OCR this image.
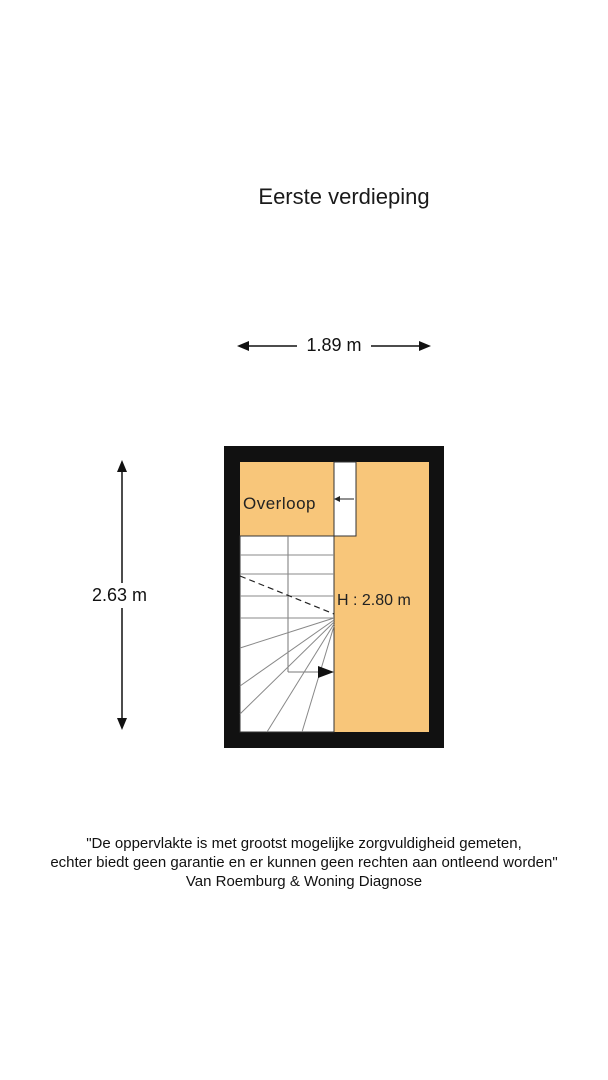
Eerste verdieping
1.89 m
2.63 m
Overloop
H : 2.80 m
"De oppervlakte is met grootst mogelijke zorgvuldigheid gemeten,
echter biedt geen garantie en er kunnen geen rechten aan ontleend worden"
Van Roemburg & Woning Diagnose
